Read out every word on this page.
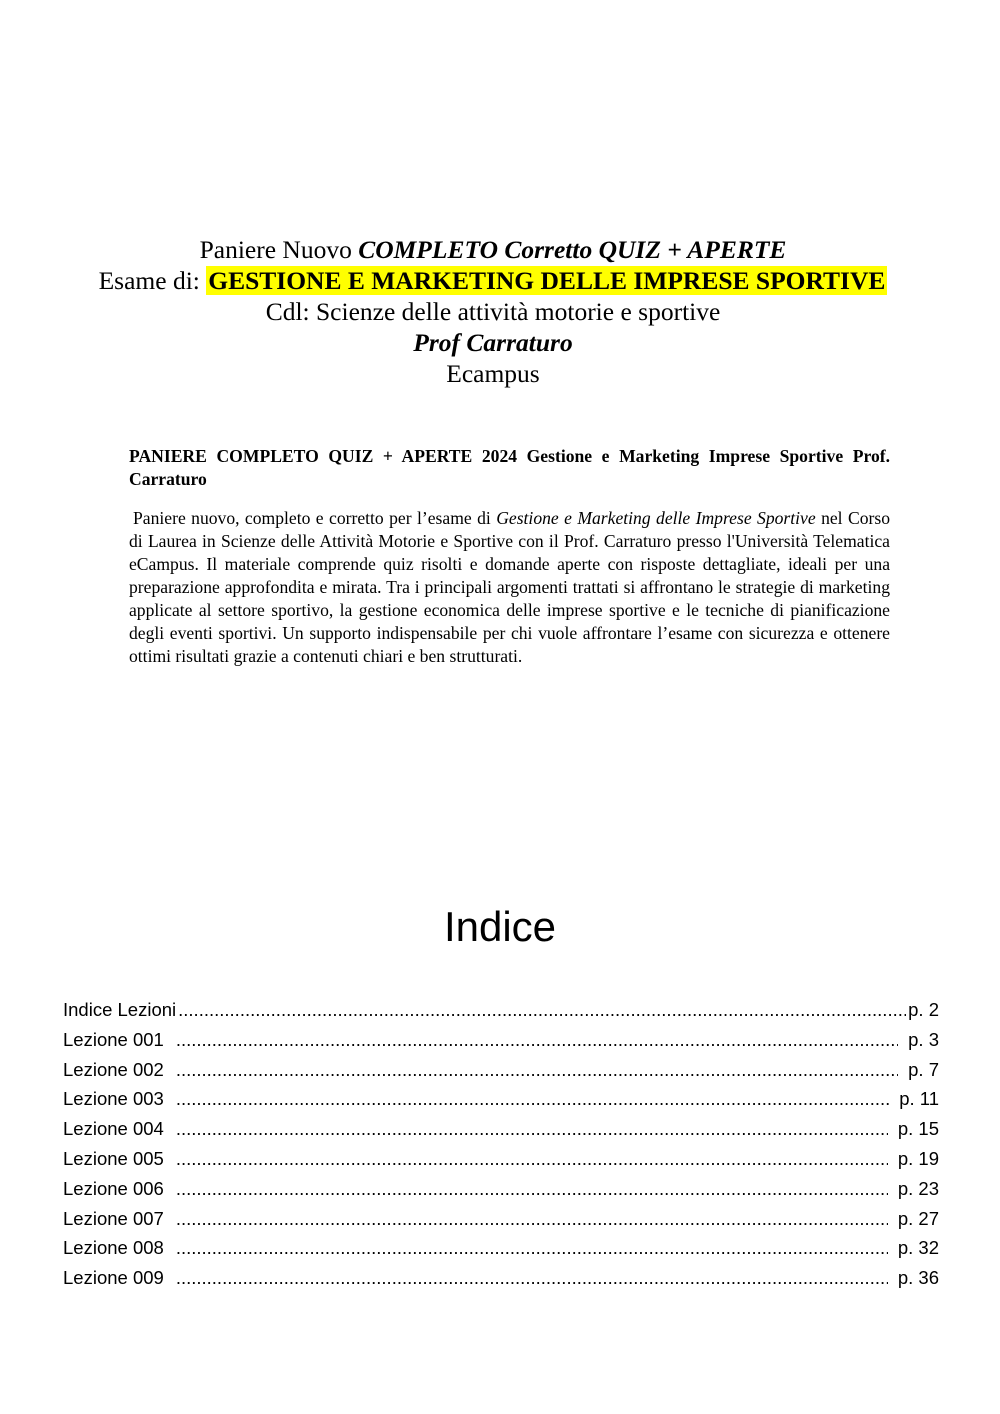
Paniere Nuovo COMPLETO Corretto QUIZ + APERTE
Esame di: GESTIONE E MARKETING DELLE IMPRESE SPORTIVE
Cdl: Scienze delle attività motorie e sportive
Prof Carraturo
Ecampus

PANIERE COMPLETO QUIZ + APERTE 2024 Gestione e Marketing Imprese Sportive Prof. Carraturo

Paniere nuovo, completo e corretto per l’esame di Gestione e Marketing delle Imprese Sportive nel Corso di Laurea in Scienze delle Attività Motorie e Sportive con il Prof. Carraturo presso l'Università Telematica eCampus. Il materiale comprende quiz risolti e domande aperte con risposte dettagliate, ideali per una preparazione approfondita e mirata. Tra i principali argomenti trattati si affrontano le strategie di marketing applicate al settore sportivo, la gestione economica delle imprese sportive e le tecniche di pianificazione degli eventi sportivi. Un supporto indispensabile per chi vuole affrontare l’esame con sicurezza e ottenere ottimi risultati grazie a contenuti chiari e ben strutturati.

Indice
Indice Lezioni .....	p. 2
Lezione 001 .....	p. 3
Lezione 002 .....	p. 7
Lezione 003 .....	p. 11
Lezione 004 .....	p. 15
Lezione 005 .....	p. 19
Lezione 006 .....	p. 23
Lezione 007 .....	p. 27
Lezione 008 .....	p. 32
Lezione 009 .....	p. 36
